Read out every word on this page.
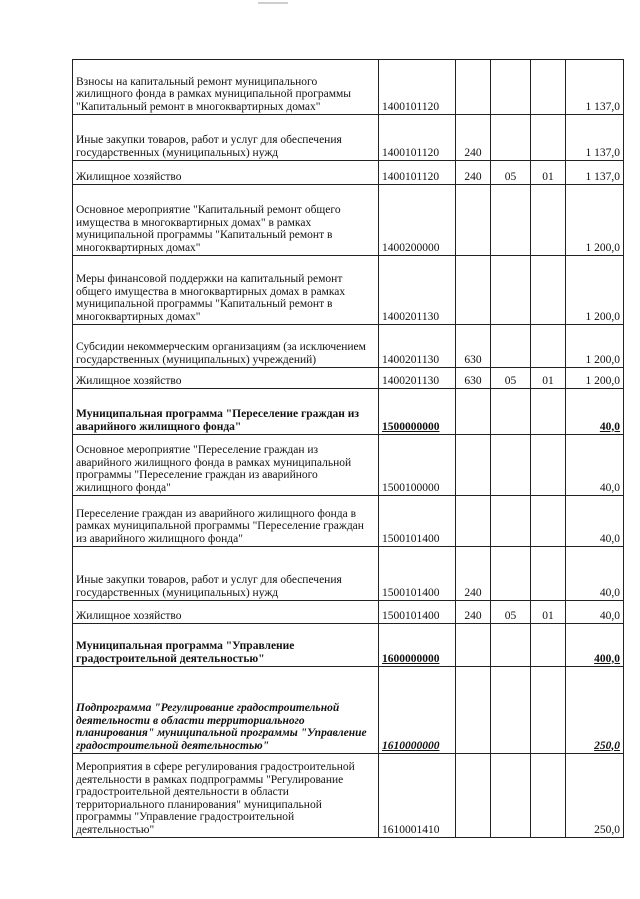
Взносы на капитальный ремонт муниципального жилищного фонда в рамках муниципальной программы "Капитальный ремонт в многоквартирных домах"	1400101120				1 137,0
Иные закупки товаров, работ и услуг для обеспечения государственных (муниципальных) нужд	1400101120	240			1 137,0
Жилищное хозяйство	1400101120	240	05	01	1 137,0
Основное мероприятие "Капитальный ремонт общего имущества в многоквартирных домах" в рамках муниципальной программы "Капитальный ремонт в многоквартирных домах"	1400200000				1 200,0
Меры финансовой поддержки на капитальный ремонт общего имущества в многоквартирных домах в рамках муниципальной программы "Капитальный ремонт в многоквартирных домах"	1400201130				1 200,0
Субсидии некоммерческим организациям (за исключением государственных (муниципальных) учреждений)	1400201130	630			1 200,0
Жилищное хозяйство	1400201130	630	05	01	1 200,0
Муниципальная программа "Переселение граждан из аварийного жилищного фонда"	1500000000				40,0
Основное мероприятие "Переселение граждан из аварийного жилищного фонда в рамках муниципальной программы "Переселение граждан из аварийного жилищного фонда"	1500100000				40,0
Переселение граждан из аварийного жилищного фонда в рамках муниципальной программы "Переселение граждан из аварийного жилищного фонда"	1500101400				40,0
Иные закупки товаров, работ и услуг для обеспечения государственных (муниципальных) нужд	1500101400	240			40,0
Жилищное хозяйство	1500101400	240	05	01	40,0
Муниципальная программа "Управление градостроительной деятельностью"	1600000000				400,0
Подпрограмма "Регулирование градостроительной деятельности в области территориального планирования" муниципальной программы "Управление градостроительной деятельностью"	1610000000				250,0
Мероприятия в сфере регулирования градостроительной деятельности в рамках подпрограммы "Регулирование градостроительной деятельности в области территориального планирования" муниципальной программы "Управление градостроительной деятельностью"	1610001410				250,0
